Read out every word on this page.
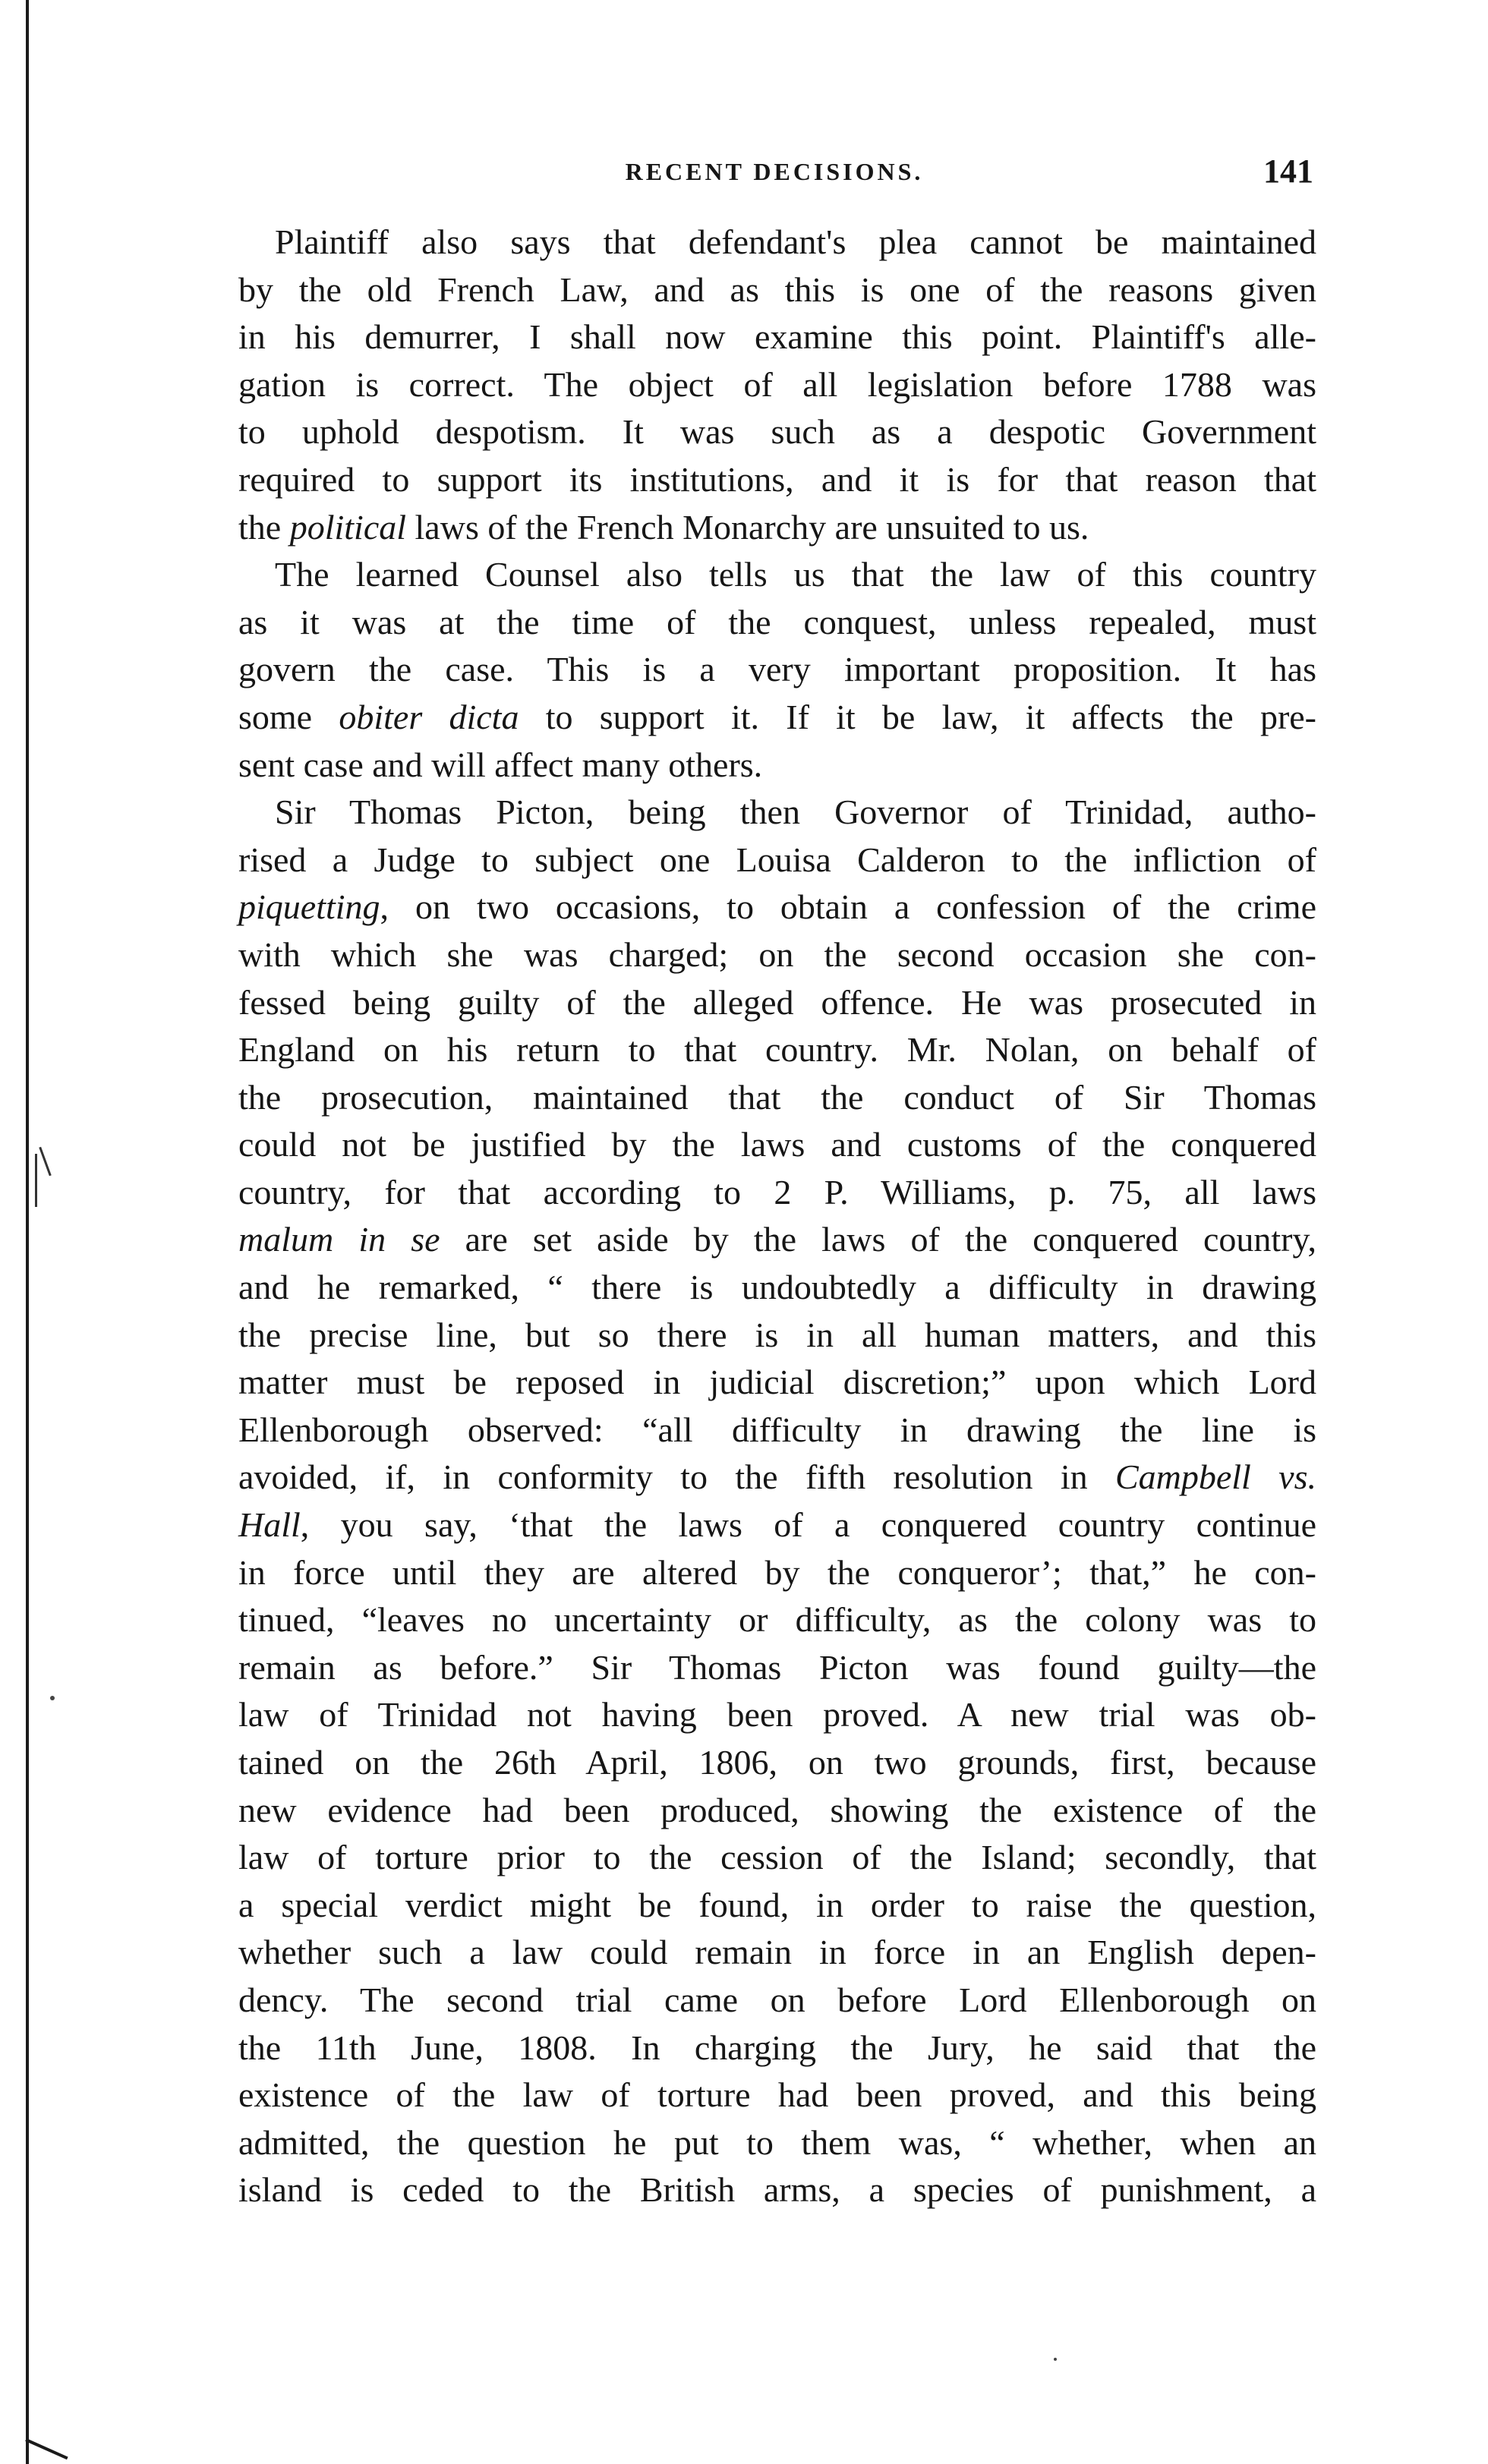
RECENT DECISIONS.	141
Plaintiff also says that defendant's plea cannot be maintained
by the old French Law, and as this is one of the reasons given
in his demurrer, I shall now examine this point. Plaintiff's alle-
gation is correct. The object of all legislation before 1788 was
to uphold despotism. It was such as a despotic Government
required to support its institutions, and it is for that reason that
the political laws of the French Monarchy are unsuited to us.
The learned Counsel also tells us that the law of this country
as it was at the time of the conquest, unless repealed, must
govern the case. This is a very important proposition. It has
some obiter dicta to support it. If it be law, it affects the pre-
sent case and will affect many others.
Sir Thomas Picton, being then Governor of Trinidad, autho-
rised a Judge to subject one Louisa Calderon to the infliction of
piquetting, on two occasions, to obtain a confession of the crime
with which she was charged; on the second occasion she con-
fessed being guilty of the alleged offence. He was prosecuted in
England on his return to that country. Mr. Nolan, on behalf of
the prosecution, maintained that the conduct of Sir Thomas
could not be justified by the laws and customs of the conquered
country, for that according to 2 P. Williams, p. 75, all laws
malum in se are set aside by the laws of the conquered country,
and he remarked, “ there is undoubtedly a difficulty in drawing
the precise line, but so there is in all human matters, and this
matter must be reposed in judicial discretion;” upon which Lord
Ellenborough observed: “all difficulty in drawing the line is
avoided, if, in conformity to the fifth resolution in Campbell vs.
Hall, you say, ‘that the laws of a conquered country continue
in force until they are altered by the conqueror’; that,” he con-
tinued, “leaves no uncertainty or difficulty, as the colony was to
remain as before.” Sir Thomas Picton was found guilty—the
law of Trinidad not having been proved. A new trial was ob-
tained on the 26th April, 1806, on two grounds, first, because
new evidence had been produced, showing the existence of the
law of torture prior to the cession of the Island; secondly, that
a special verdict might be found, in order to raise the question,
whether such a law could remain in force in an English depen-
dency. The second trial came on before Lord Ellenborough on
the 11th June, 1808. In charging the Jury, he said that the
existence of the law of torture had been proved, and this being
admitted, the question he put to them was, “ whether, when an
island is ceded to the British arms, a species of punishment, a
